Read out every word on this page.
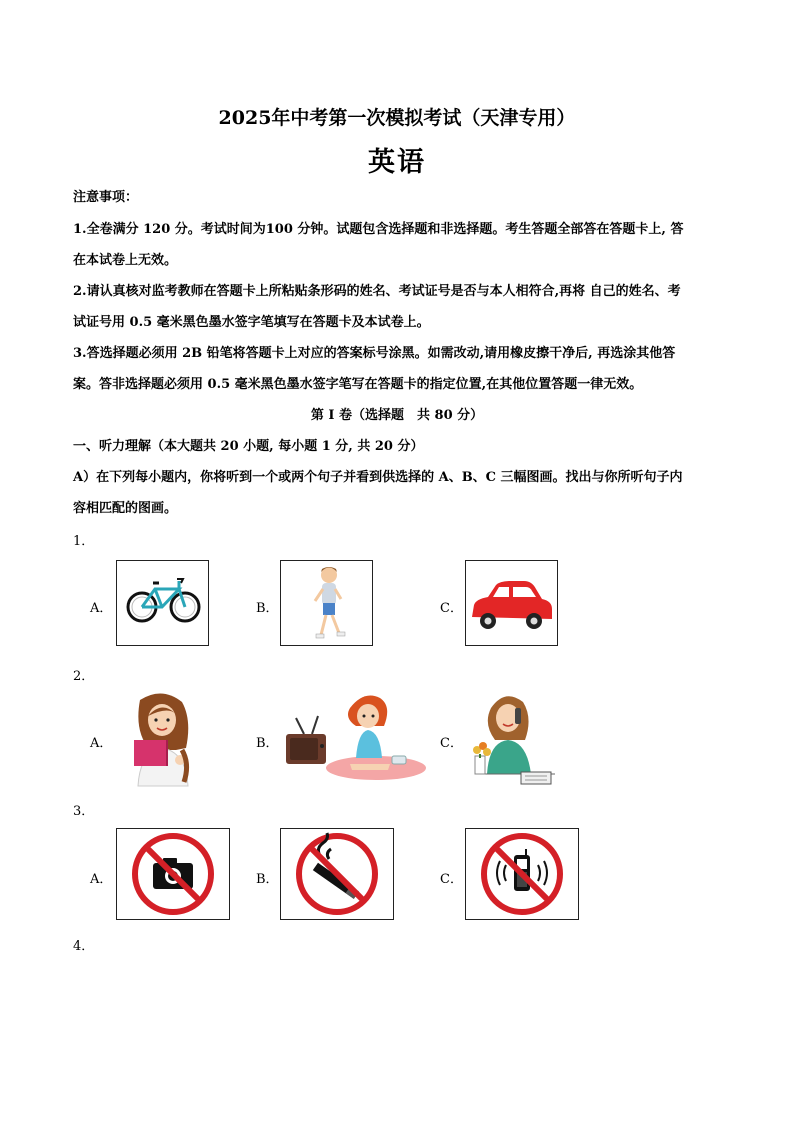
2025年中考第一次模拟考试（天津专用）
英语
注意事项：
1.全卷满分 120 分。考试时间为100 分钟。试题包含选择题和非选择题。考生答题全部答在答题卡上, 答
在本试卷上无效。
2.请认真核对监考教师在答题卡上所粘贴条形码的姓名、考试证号是否与本人相符合,再将 自己的姓名、考
试证号用 0.5 毫米黑色墨水签字笔填写在答题卡及本试卷上。
3.答选择题必须用 2B 铅笔将答题卡上对应的答案标号涂黑。如需改动,请用橡皮擦干净后, 再选涂其他答
案。答非选择题必须用 0.5 毫米黑色墨水签字笔写在答题卡的指定位置,在其他位置答题一律无效。
第 I 卷（选择题　共 80 分）
一、听力理解（本大题共 20 小题, 每小题 1 分, 共 20 分）
A）在下列每小题内，你将听到一个或两个句子并看到供选择的 A、B、C 三幅图画。找出与你所听句子内
容相匹配的图画。
1．
A．	B．	C．
2．
A．	B．	C．
3．
A．	B．	C．
4．
